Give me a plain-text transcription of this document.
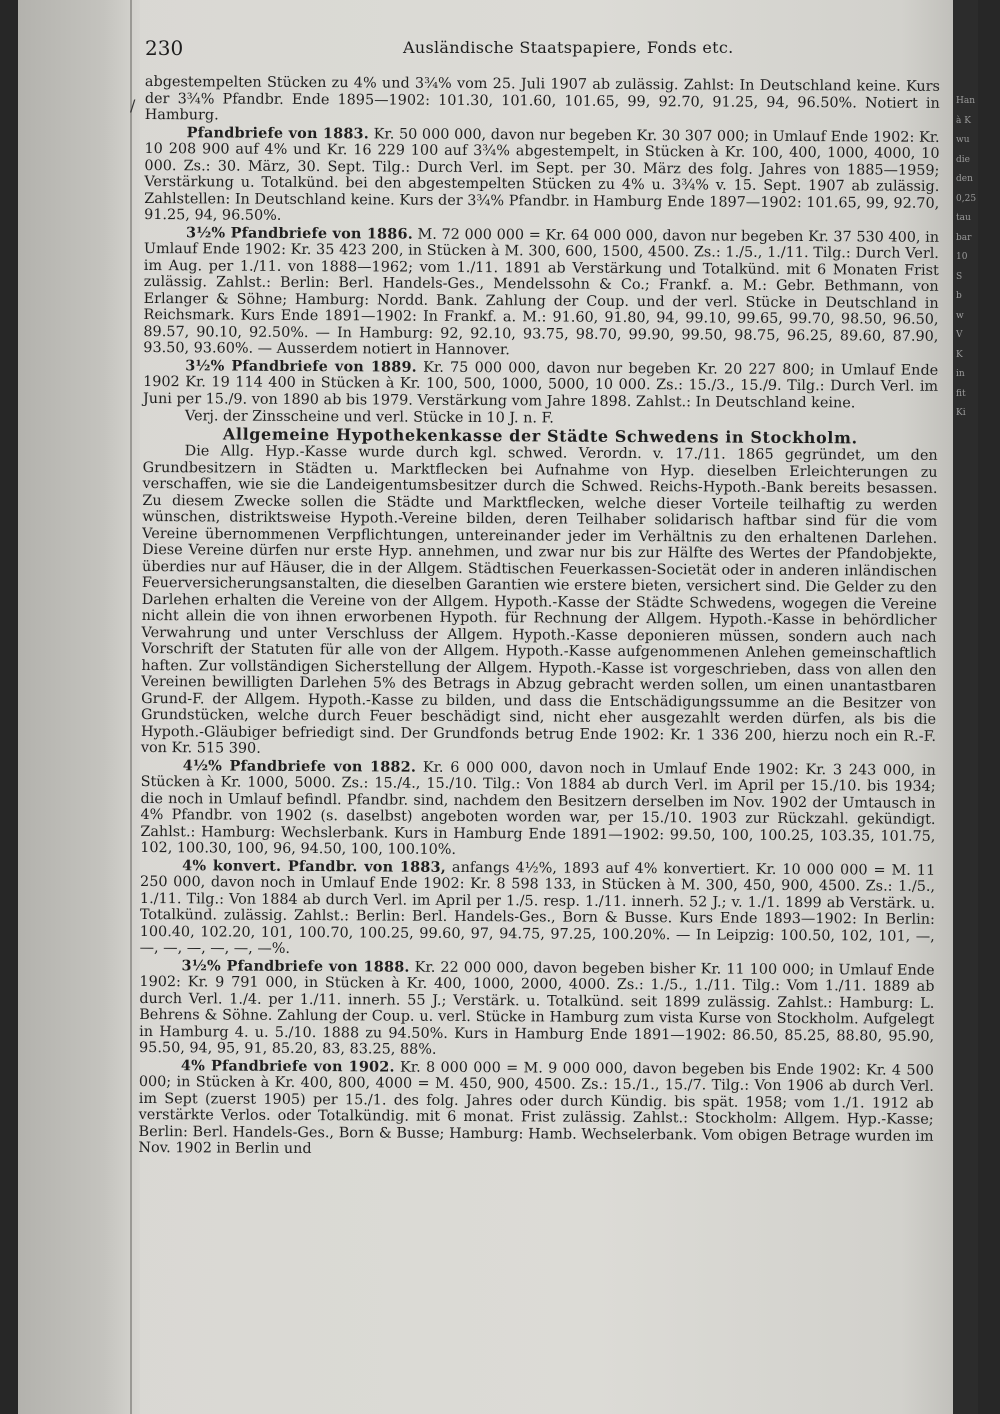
/
230	Ausländische Staatspapiere, Fonds etc.

abgestempelten Stücken zu 4% und 3¾% vom 25. Juli 1907 ab zulässig. Zahlst: In Deutschland keine. Kurs der 3¾% Pfandbr. Ende 1895—1902: 101.30, 101.60, 101.65, 99, 92.70, 91.25, 94, 96.50%. Notiert in Hamburg.

Pfandbriefe von 1883. Kr. 50 000 000, davon nur begeben Kr. 30 307 000; in Umlauf Ende 1902: Kr. 10 208 900 auf 4% und Kr. 16 229 100 auf 3¾% abgestempelt, in Stücken à Kr. 100, 400, 1000, 4000, 10 000. Zs.: 30. März, 30. Sept. Tilg.: Durch Verl. im Sept. per 30. März des folg. Jahres von 1885—1959; Verstärkung u. Totalkünd. bei den abgestempelten Stücken zu 4% u. 3¾% v. 15. Sept. 1907 ab zulässig. Zahlstellen: In Deutschland keine. Kurs der 3¾% Pfandbr. in Hamburg Ende 1897—1902: 101.65, 99, 92.70, 91.25, 94, 96.50%.

3½% Pfandbriefe von 1886. M. 72 000 000 = Kr. 64 000 000, davon nur begeben Kr. 37 530 400, in Umlauf Ende 1902: Kr. 35 423 200, in Stücken à M. 300, 600, 1500, 4500. Zs.: 1./5., 1./11. Tilg.: Durch Verl. im Aug. per 1./11. von 1888—1962; vom 1./11. 1891 ab Verstärkung und Totalkünd. mit 6 Monaten Frist zulässig. Zahlst.: Berlin: Berl. Handels-Ges., Mendelssohn & Co.; Frankf. a. M.: Gebr. Bethmann, von Erlanger & Söhne; Hamburg: Nordd. Bank. Zahlung der Coup. und der verl. Stücke in Deutschland in Reichsmark. Kurs Ende 1891—1902: In Frankf. a. M.: 91.60, 91.80, 94, 99.10, 99.65, 99.70, 98.50, 96.50, 89.57, 90.10, 92.50%. — In Hamburg: 92, 92.10, 93.75, 98.70, 99.90, 99.50, 98.75, 96.25, 89.60, 87.90, 93.50, 93.60%. — Ausserdem notiert in Hannover.

3½% Pfandbriefe von 1889. Kr. 75 000 000, davon nur begeben Kr. 20 227 800; in Umlauf Ende 1902 Kr. 19 114 400 in Stücken à Kr. 100, 500, 1000, 5000, 10 000. Zs.: 15./3., 15./9. Tilg.: Durch Verl. im Juni per 15./9. von 1890 ab bis 1979. Verstärkung vom Jahre 1898. Zahlst.: In Deutschland keine.

Verj. der Zinsscheine und verl. Stücke in 10 J. n. F.

Allgemeine Hypothekenkasse der Städte Schwedens in Stockholm.

Die Allg. Hyp.-Kasse wurde durch kgl. schwed. Verordn. v. 17./11. 1865 gegründet, um den Grundbesitzern in Städten u. Marktflecken bei Aufnahme von Hyp. dieselben Erleichterungen zu verschaffen, wie sie die Landeigentumsbesitzer durch die Schwed. Reichs-Hypoth.-Bank bereits besassen. Zu diesem Zwecke sollen die Städte und Marktflecken, welche dieser Vorteile teilhaftig zu werden wünschen, distriktsweise Hypoth.-Vereine bilden, deren Teilhaber solidarisch haftbar sind für die vom Vereine übernommenen Verpflichtungen, untereinander jeder im Verhältnis zu den erhaltenen Darlehen. Diese Vereine dürfen nur erste Hyp. annehmen, und zwar nur bis zur Hälfte des Wertes der Pfandobjekte, überdies nur auf Häuser, die in der Allgem. Städtischen Feuerkassen-Societät oder in anderen inländischen Feuerversicherungsanstalten, die dieselben Garantien wie erstere bieten, versichert sind. Die Gelder zu den Darlehen erhalten die Vereine von der Allgem. Hypoth.-Kasse der Städte Schwedens, wogegen die Vereine nicht allein die von ihnen erworbenen Hypoth. für Rechnung der Allgem. Hypoth.-Kasse in behördlicher Verwahrung und unter Verschluss der Allgem. Hypoth.-Kasse deponieren müssen, sondern auch nach Vorschrift der Statuten für alle von der Allgem. Hypoth.-Kasse aufgenommenen Anlehen gemeinschaftlich haften. Zur vollständigen Sicherstellung der Allgem. Hypoth.-Kasse ist vorgeschrieben, dass von allen den Vereinen bewilligten Darlehen 5% des Betrags in Abzug gebracht werden sollen, um einen unantastbaren Grund-F. der Allgem. Hypoth.-Kasse zu bilden, und dass die Entschädigungssumme an die Besitzer von Grundstücken, welche durch Feuer beschädigt sind, nicht eher ausgezahlt werden dürfen, als bis die Hypoth.-Gläubiger befriedigt sind. Der Grundfonds betrug Ende 1902: Kr. 1 336 200, hierzu noch ein R.-F. von Kr. 515 390.

4½% Pfandbriefe von 1882. Kr. 6 000 000, davon noch in Umlauf Ende 1902: Kr. 3 243 000, in Stücken à Kr. 1000, 5000. Zs.: 15./4., 15./10. Tilg.: Von 1884 ab durch Verl. im April per 15./10. bis 1934; die noch in Umlauf befindl. Pfandbr. sind, nachdem den Besitzern derselben im Nov. 1902 der Umtausch in 4% Pfandbr. von 1902 (s. daselbst) angeboten worden war, per 15./10. 1903 zur Rückzahl. gekündigt. Zahlst.: Hamburg: Wechslerbank. Kurs in Hamburg Ende 1891—1902: 99.50, 100, 100.25, 103.35, 101.75, 102, 100.30, 100, 96, 94.50, 100, 100.10%.

4% konvert. Pfandbr. von 1883, anfangs 4½%, 1893 auf 4% konvertiert. Kr. 10 000 000 = M. 11 250 000, davon noch in Umlauf Ende 1902: Kr. 8 598 133, in Stücken à M. 300, 450, 900, 4500. Zs.: 1./5., 1./11. Tilg.: Von 1884 ab durch Verl. im April per 1./5. resp. 1./11. innerh. 52 J.; v. 1./1. 1899 ab Verstärk. u. Totalkünd. zulässig. Zahlst.: Berlin: Berl. Handels-Ges., Born & Busse. Kurs Ende 1893—1902: In Berlin: 100.40, 102.20, 101, 100.70, 100.25, 99.60, 97, 94.75, 97.25, 100.20%. — In Leipzig: 100.50, 102, 101, —, —, —, —, —, —, —%.

3½% Pfandbriefe von 1888. Kr. 22 000 000, davon begeben bisher Kr. 11 100 000; in Umlauf Ende 1902: Kr. 9 791 000, in Stücken à Kr. 400, 1000, 2000, 4000. Zs.: 1./5., 1./11. Tilg.: Vom 1./11. 1889 ab durch Verl. 1./4. per 1./11. innerh. 55 J.; Verstärk. u. Totalkünd. seit 1899 zulässig. Zahlst.: Hamburg: L. Behrens & Söhne. Zahlung der Coup. u. verl. Stücke in Hamburg zum vista Kurse von Stockholm. Aufgelegt in Hamburg 4. u. 5./10. 1888 zu 94.50%. Kurs in Hamburg Ende 1891—1902: 86.50, 85.25, 88.80, 95.90, 95.50, 94, 95, 91, 85.20, 83, 83.25, 88%.

4% Pfandbriefe von 1902. Kr. 8 000 000 = M. 9 000 000, davon begeben bis Ende 1902: Kr. 4 500 000; in Stücken à Kr. 400, 800, 4000 = M. 450, 900, 4500. Zs.: 15./1., 15./7. Tilg.: Von 1906 ab durch Verl. im Sept (zuerst 1905) per 15./1. des folg. Jahres oder durch Kündig. bis spät. 1958; vom 1./1. 1912 ab verstärkte Verlos. oder Totalkündig. mit 6 monat. Frist zulässig. Zahlst.: Stockholm: Allgem. Hyp.-Kasse; Berlin: Berl. Handels-Ges., Born & Busse; Hamburg: Hamb. Wechselerbank. Vom obigen Betrage wurden im Nov. 1902 in Berlin und

Han
à K
wu
die
den
0,25
tau
bar
10
S
b
w
V
K
in
fit
Ki
